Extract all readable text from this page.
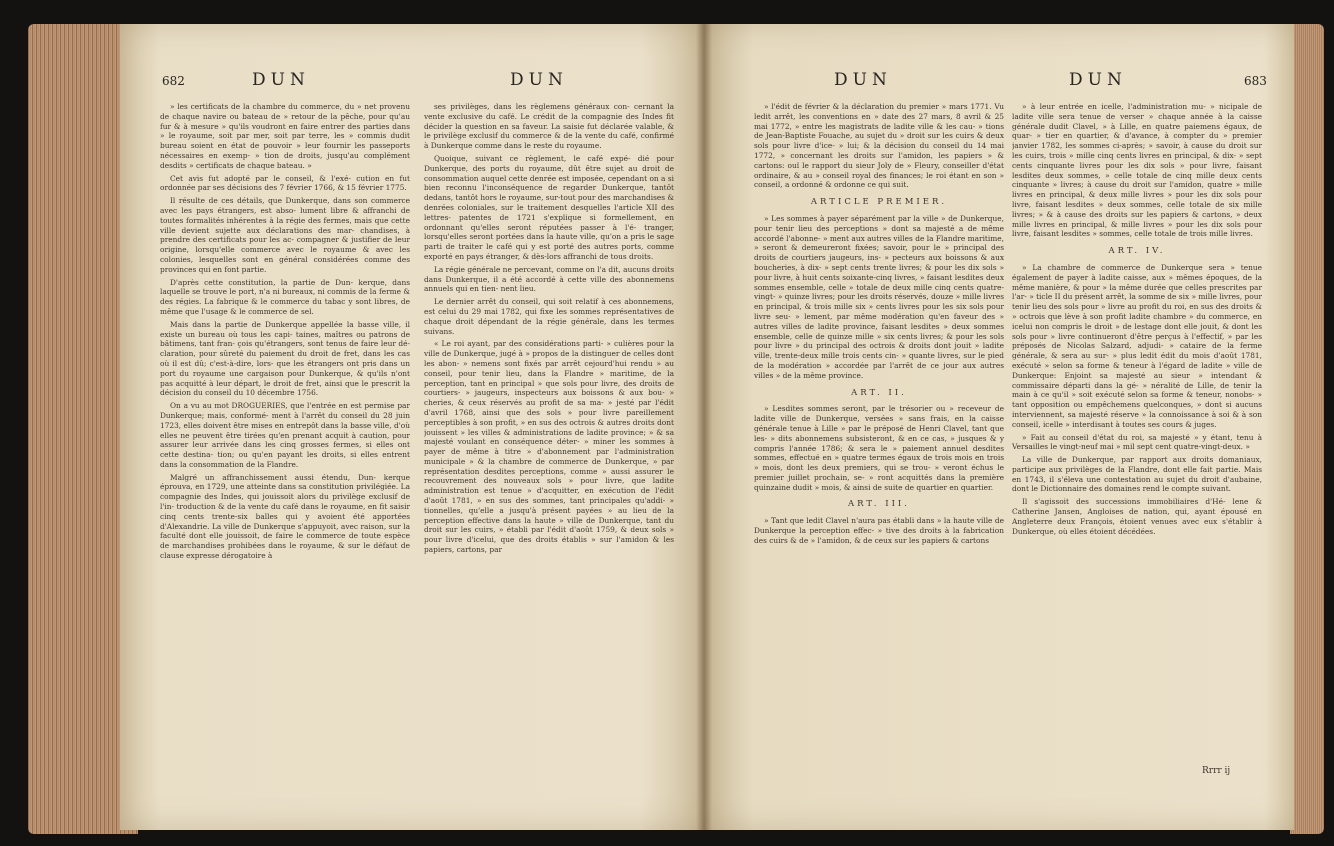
682	DUN	DUN

» les certificats de la chambre du commerce, du » net provenu de chaque navire ou bateau de » retour de la pêche, pour qu'au fur & à mesure » qu'ils voudront en faire entrer des parties dans » le royaume, soit par mer, soit par terre, les » commis dudit bureau soient en état de pouvoir » leur fournir les passeports nécessaires en exemp- » tion de droits, jusqu'au complément desdits » certificats de chaque bateau. »

Cet avis fut adopté par le conseil, & l'exé- cution en fut ordonnée par ses décisions des 7 février 1766, & 15 février 1775.

Il résulte de ces détails, que Dunkerque, dans son commerce avec les pays étrangers, est abso- lument libre & affranchi de toutes formalités inhérentes à la régie des fermes, mais que cette ville devient sujette aux déclarations des mar- chandises, à prendre des certificats pour les ac- compagner & justifier de leur origine, lorsqu'elle commerce avec le royaume & avec les colonies, lesquelles sont en général considérées comme des provinces qui en font partie.

D'après cette constitution, la partie de Dun- kerque, dans laquelle se trouve le port, n'a ni bureaux, ni commis de la ferme & des régies. La fabrique & le commerce du tabac y sont libres, de même que l'usage & le commerce de sel.

Mais dans la partie de Dunkerque appellée la basse ville, il existe un bureau où tous les capi- taines, maîtres ou patrons de bâtimens, tant fran- çois qu'étrangers, sont tenus de faire leur dé- claration, pour sûreté du paiement du droit de fret, dans les cas où il est dû; c'est-à-dire, lors- que les étrangers ont pris dans un port du royaume une cargaison pour Dunkerque, & qu'ils n'ont pas acquitté à leur départ, le droit de fret, ainsi que le prescrit la décision du conseil du 10 décembre 1756.

On a vu au mot DROGUERIES, que l'entrée en est permise par Dunkerque; mais, conformé- ment à l'arrêt du conseil du 28 juin 1723, elles doivent être mises en entrepôt dans la basse ville, d'où elles ne peuvent être tirées qu'en prenant acquit à caution, pour assurer leur arrivée dans les cinq grosses fermes, si elles ont cette destina- tion; ou qu'en payant les droits, si elles entrent dans la consommation de la Flandre.

Malgré un affranchissement aussi étendu, Dun- kerque éprouva, en 1729, une atteinte dans sa constitution privilégiée. La compagnie des Indes, qui jouissoit alors du privilège exclusif de l'in- troduction & de la vente du café dans le royaume, en fit saisir cinq cents trente-six balles qui y avoient été apportées d'Alexandrie. La ville de Dunkerque s'appuyoit, avec raison, sur la faculté dont elle jouissoit, de faire le commerce de toute espèce de marchandises prohibées dans le royaume, & sur le défaut de clause expresse dérogatoire à

ses privilèges, dans les règlemens généraux con- cernant la vente exclusive du café. Le crédit de la compagnie des Indes fit décider la question en sa faveur. La saisie fut déclarée valable, & le privilège exclusif du commerce & de la vente du café, confirmé à Dunkerque comme dans le reste du royaume.

Quoique, suivant ce règlement, le café expé- dié pour Dunkerque, des ports du royaume, dût être sujet au droit de consommation auquel cette denrée est imposée, cependant on a si bien reconnu l'inconséquence de regarder Dunkerque, tantôt dedans, tantôt hors le royaume, sur-tout pour des marchandises & denrées coloniales, sur le traitement desquelles l'article XII des lettres- patentes de 1721 s'explique si formellement, en ordonnant qu'elles seront réputées passer à l'é- tranger, lorsqu'elles seront portées dans la haute ville, qu'on a pris le sage parti de traiter le café qui y est porté des autres ports, comme exporté en pays étranger, & dès-lors affranchi de tous droits.

La régie générale ne percevant, comme on l'a dit, aucuns droits dans Dunkerque, il a été accordé à cette ville des abonnemens annuels qui en tien- nent lieu.

Le dernier arrêt du conseil, qui soit relatif à ces abonnemens, est celui du 29 mai 1782, qui fixe les sommes représentatives de chaque droit dépendant de la régie générale, dans les termes suivans.

« Le roi ayant, par des considérations parti- » culières pour la ville de Dunkerque, jugé à » propos de la distinguer de celles dont les abon- » nemens sont fixés par arrêt cejourd'hui rendu » au conseil, pour tenir lieu, dans la Flandre » maritime, de la perception, tant en principal » que sols pour livre, des droits de courtiers- » jaugeurs, inspecteurs aux boissons & aux bou- » cheries, & ceux réservés au profit de sa ma- » jesté par l'édit d'avril 1768, ainsi que des sols » pour livre pareillement perceptibles à son profit, » en sus des octrois & autres droits dont jouissent » les villes & administrations de ladite province; » & sa majesté voulant en conséquence déter- » miner les sommes à payer de même à titre » d'abonnement par l'administration municipale » & la chambre de commerce de Dunkerque, » par représentation desdites perceptions, comme » aussi assurer le recouvrement des nouveaux sols » pour livre, que ladite administration est tenue » d'acquitter, en exécution de l'édit d'août 1781, » en sus des sommes, tant principales qu'addi- » tionnelles, qu'elle a jusqu'à présent payées » au lieu de la perception effective dans la haute » ville de Dunkerque, tant du droit sur les cuirs, » établi par l'édit d'août 1759, & deux sols » pour livre d'icelui, que des droits établis » sur l'amidon & les papiers, cartons, par

DUN	DUN	683

» l'édit de février & la déclaration du premier » mars 1771. Vu ledit arrêt, les conventions en » date des 27 mars, 8 avril & 25 mai 1772, » entre les magistrats de ladite ville & les cau- » tions de Jean-Baptiste Fouache, au sujet du » droit sur les cuirs & deux sols pour livre d'ice- » lui; & la décision du conseil du 14 mai 1772, » concernant les droits sur l'amidon, les papiers » & cartons: ouï le rapport du sieur Joly de » Fleury, conseiller d'état ordinaire, & au » conseil royal des finances; le roi étant en son » conseil, a ordonné & ordonne ce qui suit.

ARTICLE PREMIER.

» Les sommes à payer séparément par la ville » de Dunkerque, pour tenir lieu des perceptions » dont sa majesté a de même accordé l'abonne- » ment aux autres villes de la Flandre maritime, » seront & demeureront fixées; savoir, pour le » principal des droits de courtiers jaugeurs, ins- » pecteurs aux boissons & aux boucheries, à dix- » sept cents trente livres; & pour les dix sols » pour livre, à huit cents soixante-cinq livres, » faisant lesdites deux sommes ensemble, celle » totale de deux mille cinq cents quatre-vingt- » quinze livres; pour les droits réservés, douze » mille livres en principal, & trois mille six » cents livres pour les six sols pour livre seu- » lement, par même modération qu'en faveur des » autres villes de ladite province, faisant lesdites » deux sommes ensemble, celle de quinze mille » six cents livres; & pour les sols pour livre » du principal des octrois & droits dont jouit » ladite ville, trente-deux mille trois cents cin- » quante livres, sur le pied de la modération » accordée par l'arrêt de ce jour aux autres villes » de la même province.

ART. II.

» Lesdites sommes seront, par le trésorier ou » receveur de ladite ville de Dunkerque, versées » sans frais, en la caisse générale tenue à Lille » par le préposé de Henri Clavel, tant que les- » dits abonnemens subsisteront, & en ce cas, » jusques & y compris l'année 1786; & sera le » paiement annuel desdites sommes, effectué en » quatre termes égaux de trois mois en trois » mois, dont les deux premiers, qui se trou- » veront échus le premier juillet prochain, se- » ront acquittés dans la première quinzaine dudit » mois, & ainsi de suite de quartier en quartier.

ART. III.

» Tant que ledit Clavel n'aura pas établi dans » la haute ville de Dunkerque la perception effec- » tive des droits à la fabrication des cuirs & de » l'amidon, & de ceux sur les papiers & cartons

» à leur entrée en icelle, l'administration mu- » nicipale de ladite ville sera tenue de verser » chaque année à la caisse générale dudit Clavel, » à Lille, en quatre paiemens égaux, de quar- » tier en quartier, & d'avance, à compter du » premier janvier 1782, les sommes ci-après; » savoir, à cause du droit sur les cuirs, trois » mille cinq cents livres en principal, & dix- » sept cents cinquante livres pour les dix sols » pour livre, faisant lesdites deux sommes, » celle totale de cinq mille deux cents cinquante » livres; à cause du droit sur l'amidon, quatre » mille livres en principal, & deux mille livres » pour les dix sols pour livre, faisant lesdites » deux sommes, celle totale de six mille livres; » & à cause des droits sur les papiers & cartons, » deux mille livres en principal, & mille livres » pour les dix sols pour livre, faisant lesdites » sommes, celle totale de trois mille livres.

ART. IV.

» La chambre de commerce de Dunkerque sera » tenue également de payer à ladite caisse, aux » mêmes époques, de la même manière, & pour » la même durée que celles prescrites par l'ar- » ticle II du présent arrêt, la somme de six » mille livres, pour tenir lieu des sols pour » livre au profit du roi, en sus des droits & » octrois que lève à son profit ladite chambre » du commerce, en icelui non compris le droit » de lestage dont elle jouit, & dont les sols pour » livre continueront d'être perçus à l'effectif, » par les préposés de Nicolas Salzard, adjudi- » cataire de la ferme générale, & sera au sur- » plus ledit édit du mois d'août 1781, exécuté » selon sa forme & teneur à l'égard de ladite » ville de Dunkerque: Enjoint sa majesté au sieur » intendant & commissaire départi dans la gé- » néralité de Lille, de tenir la main à ce qu'il » soit exécuté selon sa forme & teneur, nonobs- » tant opposition ou empêchemens quelconques, » dont si aucuns interviennent, sa majesté réserve » la connoissance à soi & à son conseil, icelle » interdisant à toutes ses cours & juges.

» Fait au conseil d'état du roi, sa majesté » y étant, tenu à Versailles le vingt-neuf mai » mil sept cent quatre-vingt-deux. »

La ville de Dunkerque, par rapport aux droits domaniaux, participe aux privilèges de la Flandre, dont elle fait partie. Mais en 1743, il s'éleva une contestation au sujet du droit d'aubaine, dont le Dictionnaire des domaines rend le compte suivant.

Il s'agissoit des successions immobiliaires d'Hé- lene & Catherine Jansen, Angloises de nation, qui, ayant épousé en Angleterre deux François, étoient venues avec eux s'établir à Dunkerque, où elles étoient décédées.

Rrrr ij
